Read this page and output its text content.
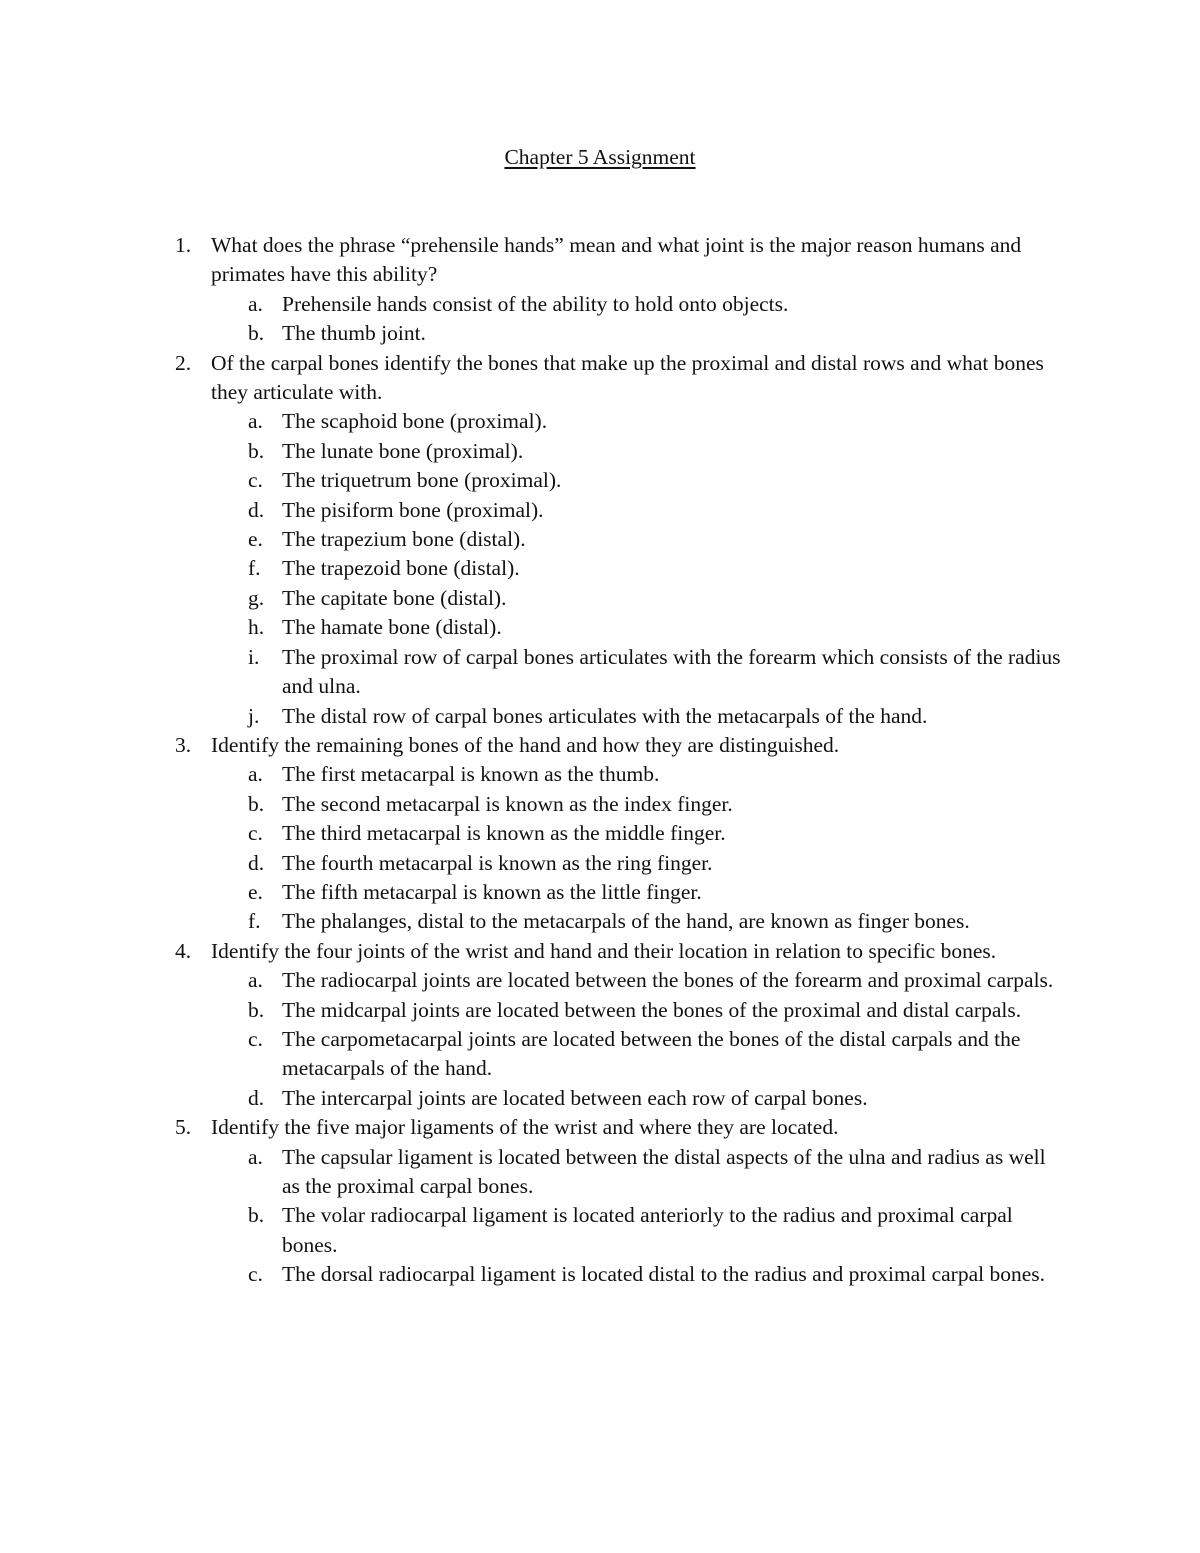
Chapter 5 Assignment
1. What does the phrase “prehensile hands” mean and what joint is the major reason humans and primates have this ability?
a. Prehensile hands consist of the ability to hold onto objects.
b. The thumb joint.
2. Of the carpal bones identify the bones that make up the proximal and distal rows and what bones they articulate with.
a. The scaphoid bone (proximal).
b. The lunate bone (proximal).
c. The triquetrum bone (proximal).
d. The pisiform bone (proximal).
e. The trapezium bone (distal).
f. The trapezoid bone (distal).
g. The capitate bone (distal).
h. The hamate bone (distal).
i. The proximal row of carpal bones articulates with the forearm which consists of the radius and ulna.
j. The distal row of carpal bones articulates with the metacarpals of the hand.
3. Identify the remaining bones of the hand and how they are distinguished.
a. The first metacarpal is known as the thumb.
b. The second metacarpal is known as the index finger.
c. The third metacarpal is known as the middle finger.
d. The fourth metacarpal is known as the ring finger.
e. The fifth metacarpal is known as the little finger.
f. The phalanges, distal to the metacarpals of the hand, are known as finger bones.
4. Identify the four joints of the wrist and hand and their location in relation to specific bones.
a. The radiocarpal joints are located between the bones of the forearm and proximal carpals.
b. The midcarpal joints are located between the bones of the proximal and distal carpals.
c. The carpometacarpal joints are located between the bones of the distal carpals and the metacarpals of the hand.
d. The intercarpal joints are located between each row of carpal bones.
5. Identify the five major ligaments of the wrist and where they are located.
a. The capsular ligament is located between the distal aspects of the ulna and radius as well as the proximal carpal bones.
b. The volar radiocarpal ligament is located anteriorly to the radius and proximal carpal bones.
c. The dorsal radiocarpal ligament is located distal to the radius and proximal carpal bones.
